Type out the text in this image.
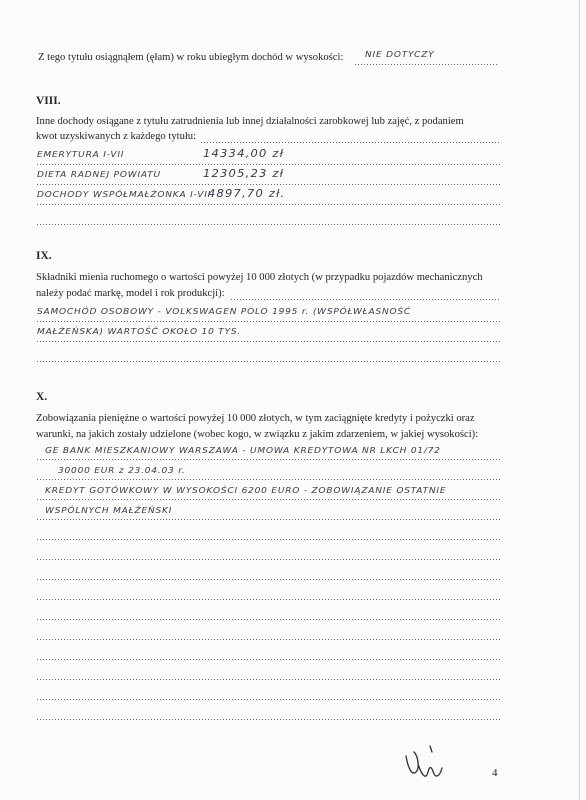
Z tego tytułu osiągnąłem (ęłam) w roku ubiegłym dochód w wysokości: NIE DOTYCZY
VIII.
Inne dochody osiągane z tytułu zatrudnienia lub innej działalności zarobkowej lub zajęć, z podaniem
kwot uzyskiwanych z każdego tytułu:
EMERYTURA I-VII	14334,00 zł
DIETA RADNEJ POWIATU	12305,23 zł
DOCHODY WSPÓŁMAŁŻONKA I-VII
4897,70 zł.
IX.
Składniki mienia ruchomego o wartości powyżej 10 000 złotych (w przypadku pojazdów mechanicznych
należy podać markę, model i rok produkcji):
SAMOCHÓD OSOBOWY - VOLKSWAGEN POLO 1995 r. (WSPÓŁWŁASNOŚĆ
MAŁŻEŃSKA) WARTOŚĆ OKOŁO 10 TYS.
X.
Zobowiązania pieniężne o wartości powyżej 10 000 złotych, w tym zaciągnięte kredyty i pożyczki oraz
warunki, na jakich zostały udzielone (wobec kogo, w związku z jakim zdarzeniem, w jakiej wysokości):
GE BANK MIESZKANIOWY WARSZAWA - UMOWA KREDYTOWA NR LKCH 01/72
30000 EUR z 23.04.03 r.
KREDYT GOTÓWKOWY W WYSOKOŚCI 6200 EURO - ZOBOWIĄZANIE OSTATNIE
WSPÓLNYCH MAŁŻEŃSKI
4
